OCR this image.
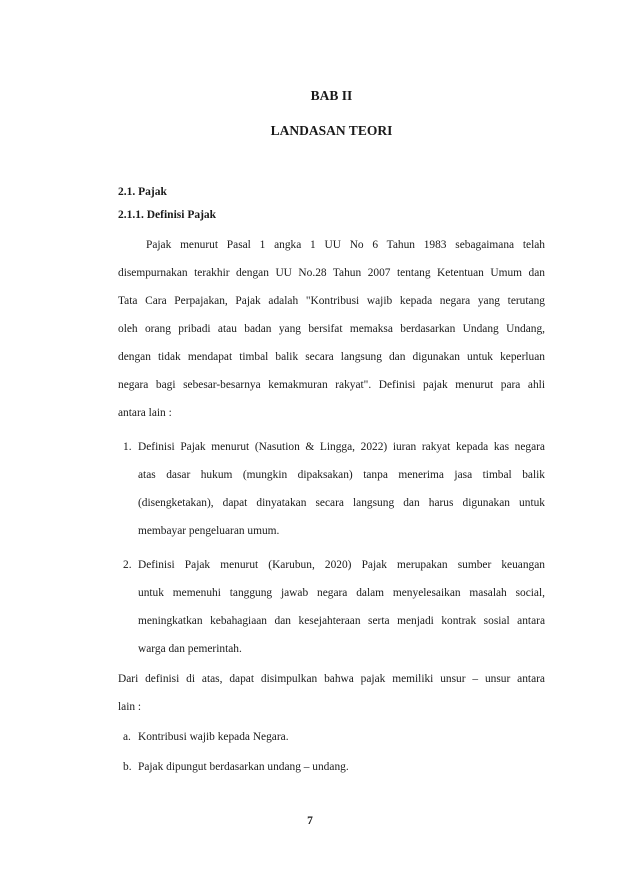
BAB II
LANDASAN TEORI
2.1. Pajak
2.1.1. Definisi Pajak
Pajak menurut Pasal 1 angka 1 UU No 6 Tahun 1983 sebagaimana telah
disempurnakan terakhir dengan UU No.28 Tahun 2007 tentang Ketentuan Umum dan
Tata Cara Perpajakan, Pajak adalah "Kontribusi wajib kepada negara yang terutang
oleh orang pribadi atau badan yang bersifat memaksa berdasarkan Undang Undang,
dengan tidak mendapat timbal balik secara langsung dan digunakan untuk keperluan
negara bagi sebesar-besarnya kemakmuran rakyat". Definisi pajak menurut para ahli
antara lain :
1. Definisi Pajak menurut (Nasution & Lingga, 2022) iuran rakyat kepada kas negara
atas dasar hukum (mungkin dipaksakan) tanpa menerima jasa timbal balik
(disengketakan), dapat dinyatakan secara langsung dan harus digunakan untuk
membayar pengeluaran umum.
2. Definisi Pajak menurut (Karubun, 2020) Pajak merupakan sumber keuangan
untuk memenuhi tanggung jawab negara dalam menyelesaikan masalah social,
meningkatkan kebahagiaan dan kesejahteraan serta menjadi kontrak sosial antara
warga dan pemerintah.
Dari definisi di atas, dapat disimpulkan bahwa pajak memiliki unsur – unsur antara
lain :
a. Kontribusi wajib kepada Negara.
b. Pajak dipungut berdasarkan undang – undang.
7
